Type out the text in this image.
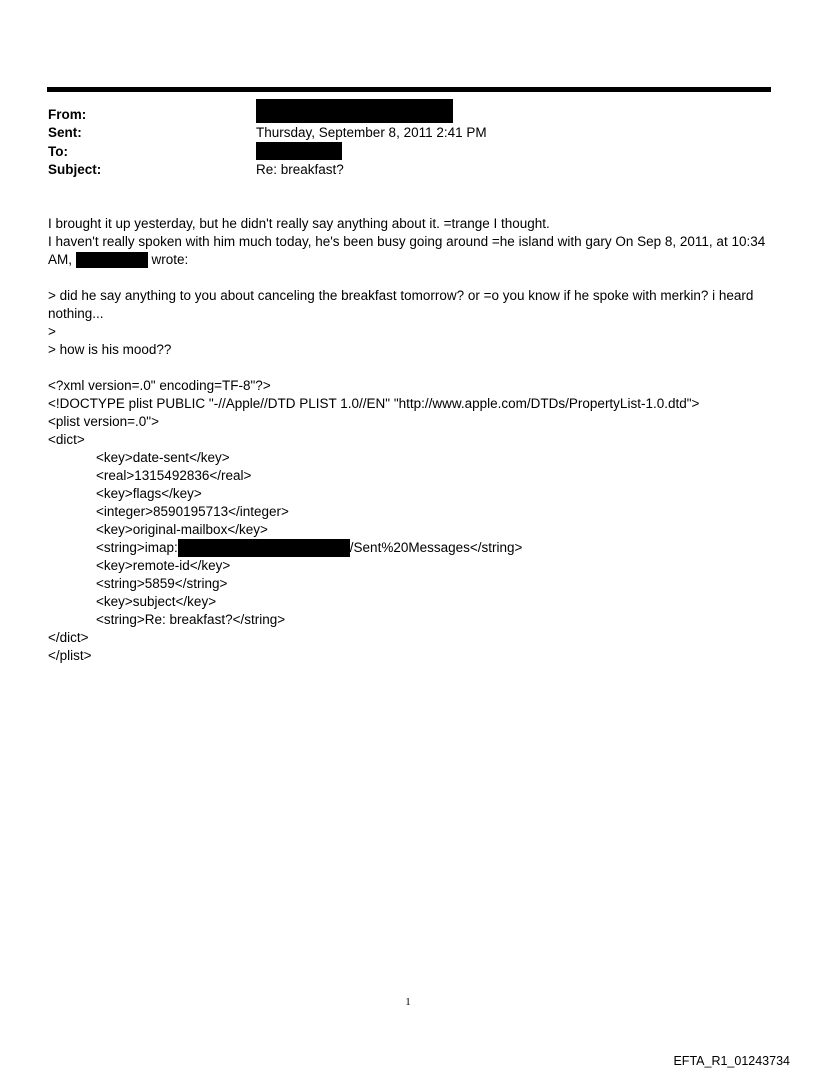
From:
Sent:	Thursday, September 8, 2011 2:41 PM
To:
Subject:	Re: breakfast?

I brought it up yesterday, but he didn't really say anything about it. =trange I thought.

I haven't really spoken with him much today, he's been busy going around =he island with gary On Sep 8, 2011, at 10:34 AM,	wrote:

> did he say anything to you about canceling the breakfast tomorrow? or =o you know if he spoke with merkin? i heard nothing...

>

> how is his mood??

<?xml version=.0" encoding=TF-8"?>
<!DOCTYPE plist PUBLIC "-//Apple//DTD PLIST 1.0//EN" "http://www.apple.com/DTDs/PropertyList-1.0.dtd">
<plist version=.0">
<dict>
<key>date-sent</key>
<real>1315492836</real>
<key>flags</key>
<integer>8590195713</integer>
<key>original-mailbox</key>
<string>imap:	/Sent%20Messages</string>
<key>remote-id</key>
<string>5859</string>
<key>subject</key>
<string>Re: breakfast?</string>
</dict>
</plist>
1
EFTA_R1_01243734
